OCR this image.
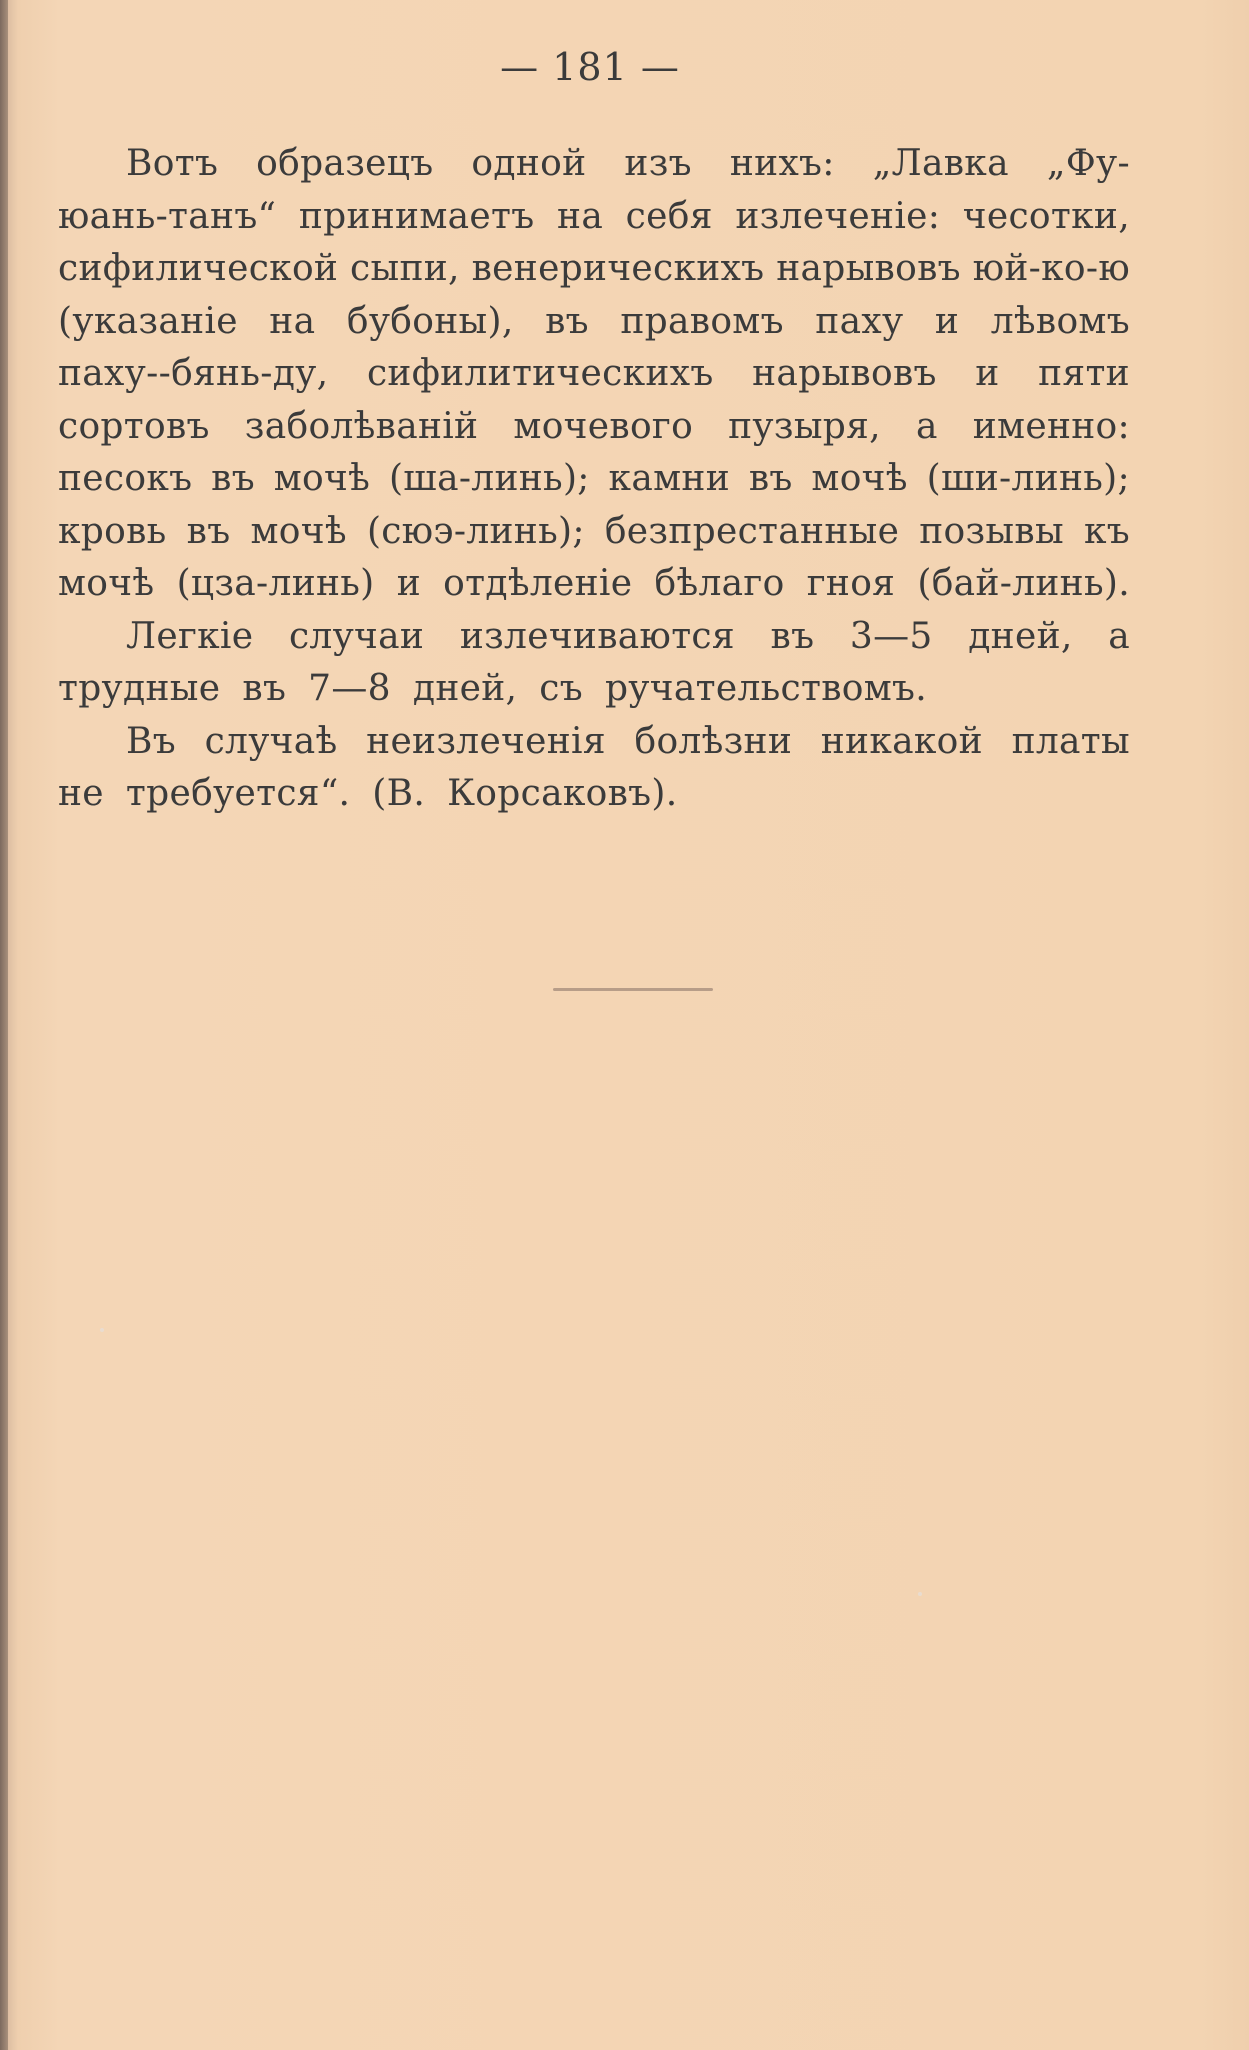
— 181 —
Вотъ образецъ одной изъ нихъ: „Лавка „Фу-
юань-танъ“ принимаетъ на себя излеченіе: чесотки,
сифилической сыпи, венерическихъ нарывовъ юй-ко-ю
(указаніе на бубоны), въ правомъ паху и лѣвомъ
паху--бянь-ду, сифилитическихъ нарывовъ и пяти
сортовъ заболѣваній мочевого пузыря, а именно:
песокъ въ мочѣ (ша-линь); камни въ мочѣ (ши-линь);
кровь въ мочѣ (сюэ-линь); безпрестанные позывы къ
мочѣ (цза-линь) и отдѣленіе бѣлаго гноя (бай-линь).
Легкіе случаи излечиваются въ 3—5 дней, а
трудные въ 7—8 дней, съ ручательствомъ.
Въ случаѣ неизлеченія болѣзни никакой платы
не требуется“. (В. Корсаковъ).
